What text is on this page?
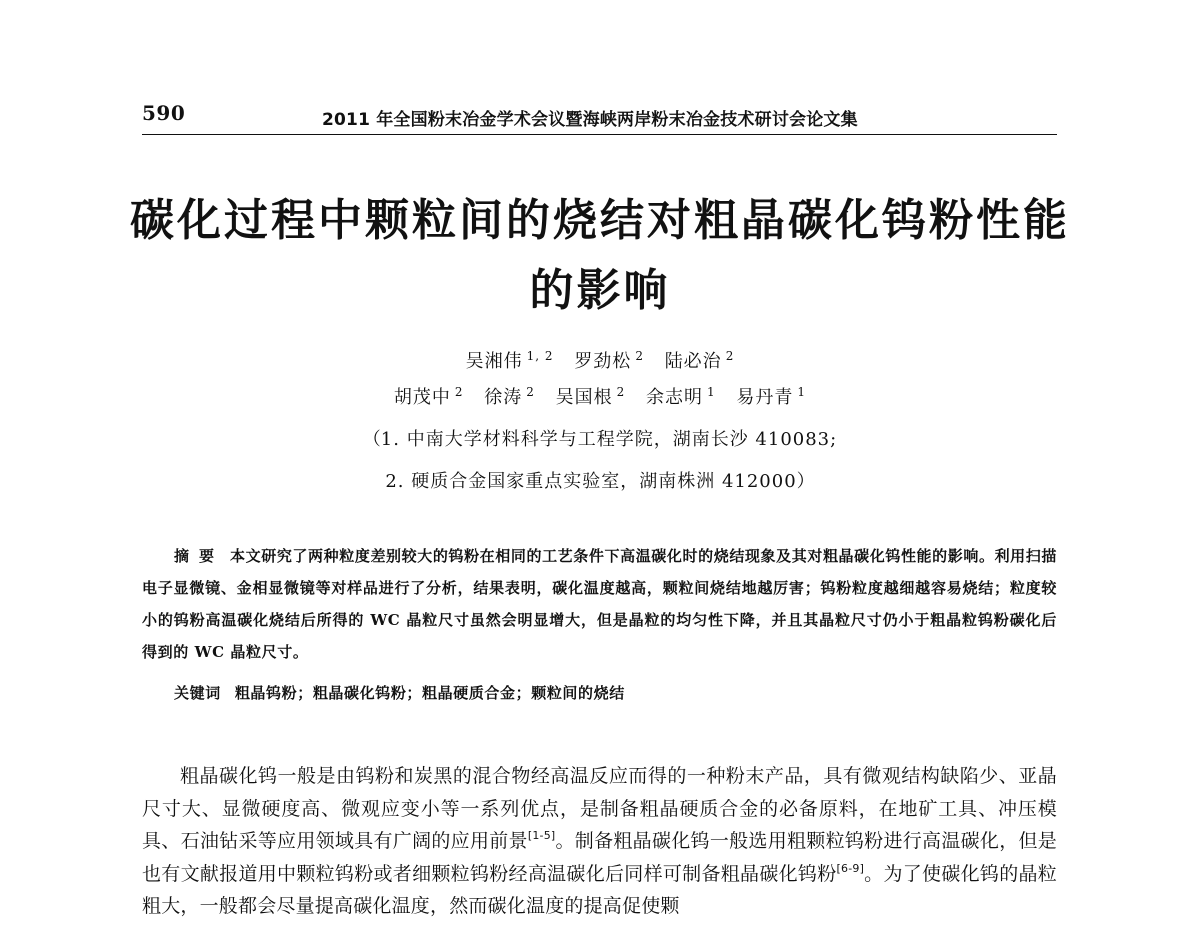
590	2011 年全国粉末冶金学术会议暨海峡两岸粉末冶金技术研讨会论文集
碳化过程中颗粒间的烧结对粗晶碳化钨粉性能
的影响
吴湘伟 $^{1, 2}$ 罗劲松 $^2$ 陆必治 $^2$
胡茂中 $^2$ 徐涛 $^2$ 吴国根 $^2$ 余志明 $^1$ 易丹青 $^1$
（1. 中南大学材料科学与工程学院，湖南长沙 410083;
2. 硬质合金国家重点实验室，湖南株洲 412000）
摘要 本文研究了两种粒度差别较大的钨粉在相同的工艺条件下高温碳化时的烧结现象及其对粗晶碳化钨性能的影响。利用扫描电子显微镜、金相显微镜等对样品进行了分析，结果表明，碳化温度越高，颗粒间烧结地越厉害；钨粉粒度越细越容易烧结；粒度较小的钨粉高温碳化烧结后所得的 WC 晶粒尺寸虽然会明显增大，但是晶粒的均匀性下降，并且其晶粒尺寸仍小于粗晶粒钨粉碳化后得到的 WC 晶粒尺寸。
关键词 粗晶钨粉；粗晶碳化钨粉；粗晶硬质合金；颗粒间的烧结
粗晶碳化钨一般是由钨粉和炭黑的混合物经高温反应而得的一种粉末产品，具有微观结构缺陷少、亚晶尺寸大、显微硬度高、微观应变小等一系列优点，是制备粗晶硬质合金的必备原料，在地矿工具、冲压模具、石油钻采等应用领域具有广阔的应用前景[1-5]。制备粗晶碳化钨一般选用粗颗粒钨粉进行高温碳化，但是也有文献报道用中颗粒钨粉或者细颗粒钨粉经高温碳化后同样可制备粗晶碳化钨粉[6-9]。为了使碳化钨的晶粒粗大，一般都会尽量提高碳化温度，然而碳化温度的提高促使颗
